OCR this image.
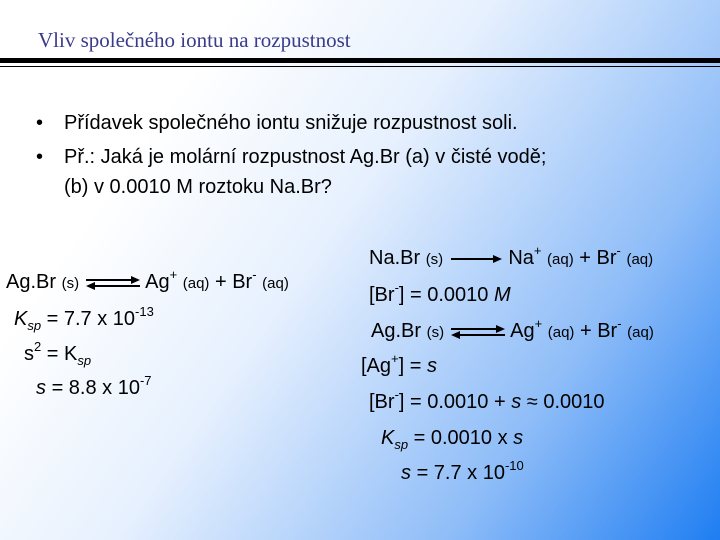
Vliv společného iontu na rozpustnost
• Přídavek společného iontu snižuje rozpustnost soli.
• Př.: Jaká je molární rozpustnost Ag.Br (a) v čisté vodě;
(b) v 0.0010 M roztoku Na.Br?
Ag.Br (s) ⇌ Ag+ (aq) + Br- (aq)
$K_{sp} = 7.7$ x $10^{-13}$
$s^2 = K_{sp}$
s = 8.8 x $10^{-7}$
Na.Br (s)	Na+ (aq) + Br- (aq)
[Br-] = 0.0010 M
Ag.Br (s) ⇌ Ag+ (aq) + Br- (aq)
[Ag+] = s
[Br-] = 0.0010 + s ≈ 0.0010
$K_{sp} = 0.0010$ x s
s = 7.7 x $10^{-10}$
